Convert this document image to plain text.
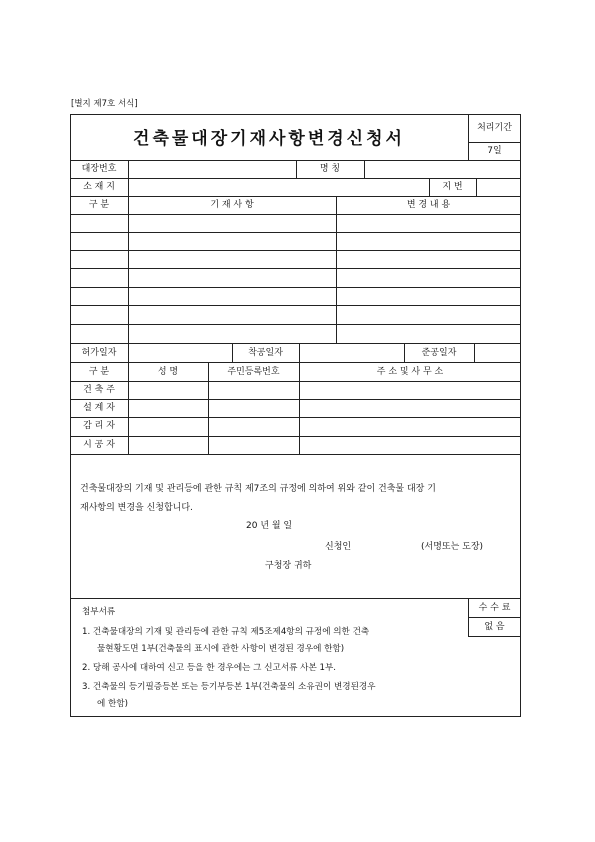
[별지 제7호 서식]
건축물대장기재사항변경신청서
처리기간
7일
대장번호	명 칭
소 재 지	지 번
구 분	기 재 사 항	변 경 내 용
허가일자	착공일자	준공일자
구 분	성 명	주민등록번호	주 소 및 사 무 소
건 축 주
설 계 자
감 리 자
시 공 자
건축물대장의 기재 및 관리등에 관한 규칙 제7조의 규정에 의하여 위와 같이 건축물 대장 기
재사항의 변경을 신청합니다.
20 년 월 일
신청인	(서명또는 도장)
구청장 귀하
수 수 료
없 음
첨부서류
1. 건축물대장의 기재 및 관리등에 관한 규칙 제5조제4항의 규정에 의한 건축
물현황도면 1부(건축물의 표시에 관한 사항이 변경된 경우에 한함)
2. 당해 공사에 대하여 신고 등을 한 경우에는 그 신고서류 사본 1부.
3. 건축물의 등기필증등본 또는 등기부등본 1부(건축물의 소유권이 변경된경우
에 한함)
